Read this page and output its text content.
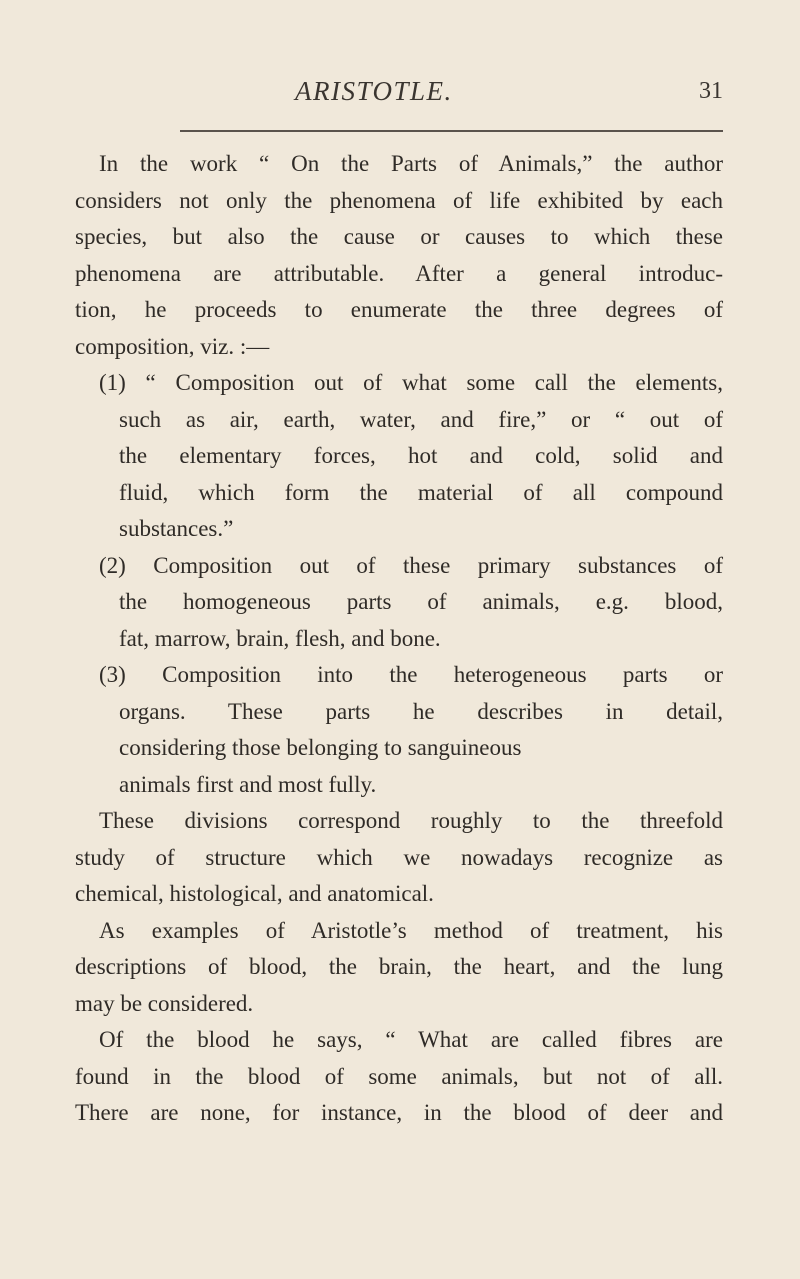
ARISTOTLE.	31
In the work “ On the Parts of Animals,” the author
considers not only the phenomena of life exhibited by each
species, but also the cause or causes to which these
phenomena are attributable. After a general introduc-
tion, he proceeds to enumerate the three degrees of
composition, viz. :—
(1) “ Composition out of what some call the elements,
such as air, earth, water, and fire,” or “ out of
the elementary forces, hot and cold, solid and
fluid, which form the material of all compound
substances.”
(2) Composition out of these primary substances of
the homogeneous parts of animals, e.g. blood,
fat, marrow, brain, flesh, and bone.
(3) Composition into the heterogeneous parts or
organs. These parts he describes in detail,
considering those belonging to sanguineous
animals first and most fully.
These divisions correspond roughly to the threefold
study of structure which we nowadays recognize as
chemical, histological, and anatomical.
As examples of Aristotle’s method of treatment, his
descriptions of blood, the brain, the heart, and the lung
may be considered.
Of the blood he says, “ What are called fibres are
found in the blood of some animals, but not of all.
There are none, for instance, in the blood of deer and
